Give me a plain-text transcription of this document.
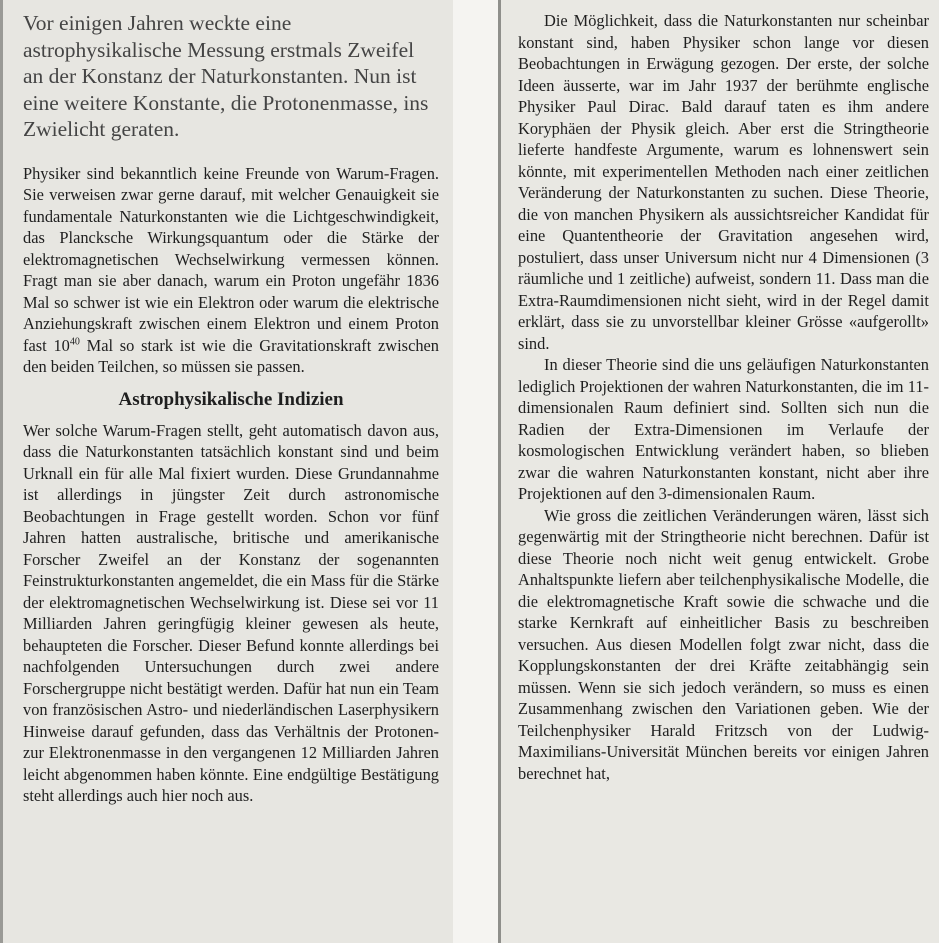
Vor einigen Jahren weckte eine astrophysikalische Messung erstmals Zweifel an der Konstanz der Naturkonstanten. Nun ist eine weitere Konstante, die Protonenmasse, ins Zwielicht geraten.

Physiker sind bekanntlich keine Freunde von Warum-Fragen. Sie verweisen zwar gerne darauf, mit welcher Genauigkeit sie fundamentale Naturkonstanten wie die Lichtgeschwindigkeit, das Plancksche Wirkungsquantum oder die Stärke der elektromagnetischen Wechselwirkung vermessen können. Fragt man sie aber danach, warum ein Proton ungefähr 1836 Mal so schwer ist wie ein Elektron oder warum die elektrische Anziehungskraft zwischen einem Elektron und einem Proton fast $10^{40}$ Mal so stark ist wie die Gravitationskraft zwischen den beiden Teilchen, so müssen sie passen.

Astrophysikalische Indizien

Wer solche Warum-Fragen stellt, geht automatisch davon aus, dass die Naturkonstanten tatsächlich konstant sind und beim Urknall ein für alle Mal fixiert wurden. Diese Grundannahme ist allerdings in jüngster Zeit durch astronomische Beobachtungen in Frage gestellt worden. Schon vor fünf Jahren hatten australische, britische und amerikanische Forscher Zweifel an der Konstanz der sogenannten Feinstrukturkonstanten angemeldet, die ein Mass für die Stärke der elektromagnetischen Wechselwirkung ist. Diese sei vor 11 Milliarden Jahren geringfügig kleiner gewesen als heute, behaupteten die Forscher. Dieser Befund konnte allerdings bei nachfolgenden Untersuchungen durch zwei andere Forschergruppe nicht bestätigt werden. Dafür hat nun ein Team von französischen Astro- und niederländischen Laserphysikern Hinweise darauf gefunden, dass das Verhältnis der Protonen- zur Elektronenmasse in den vergangenen 12 Milliarden Jahren leicht abgenommen haben könnte. Eine endgültige Bestätigung steht allerdings auch hier noch aus.

Die Möglichkeit, dass die Naturkonstanten nur scheinbar konstant sind, haben Physiker schon lange vor diesen Beobachtungen in Erwägung gezogen. Der erste, der solche Ideen äusserte, war im Jahr 1937 der berühmte englische Physiker Paul Dirac. Bald darauf taten es ihm andere Koryphäen der Physik gleich. Aber erst die Stringtheorie lieferte handfeste Argumente, warum es lohnenswert sein könnte, mit experimentellen Methoden nach einer zeitlichen Veränderung der Naturkonstanten zu suchen. Diese Theorie, die von manchen Physikern als aussichtsreicher Kandidat für eine Quantentheorie der Gravitation angesehen wird, postuliert, dass unser Universum nicht nur 4 Dimensionen (3 räumliche und 1 zeitliche) aufweist, sondern 11. Dass man die Extra-Raumdimensionen nicht sieht, wird in der Regel damit erklärt, dass sie zu unvorstellbar kleiner Grösse «aufgerollt» sind.

In dieser Theorie sind die uns geläufigen Naturkonstanten lediglich Projektionen der wahren Naturkonstanten, die im 11-dimensionalen Raum definiert sind. Sollten sich nun die Radien der Extra-Dimensionen im Verlaufe der kosmologischen Entwicklung verändert haben, so blieben zwar die wahren Naturkonstanten konstant, nicht aber ihre Projektionen auf den 3-dimensionalen Raum.

Wie gross die zeitlichen Veränderungen wären, lässt sich gegenwärtig mit der Stringtheorie nicht berechnen. Dafür ist diese Theorie noch nicht weit genug entwickelt. Grobe Anhaltspunkte liefern aber teilchenphysikalische Modelle, die die elektromagnetische Kraft sowie die schwache und die starke Kernkraft auf einheitlicher Basis zu beschreiben versuchen. Aus diesen Modellen folgt zwar nicht, dass die Kopplungskonstanten der drei Kräfte zeitabhängig sein müssen. Wenn sie sich jedoch verändern, so muss es einen Zusammenhang zwischen den Variationen geben. Wie der Teilchenphysiker Harald Fritzsch von der Ludwig-Maximilians-Universität München bereits vor einigen Jahren berechnet hat,
